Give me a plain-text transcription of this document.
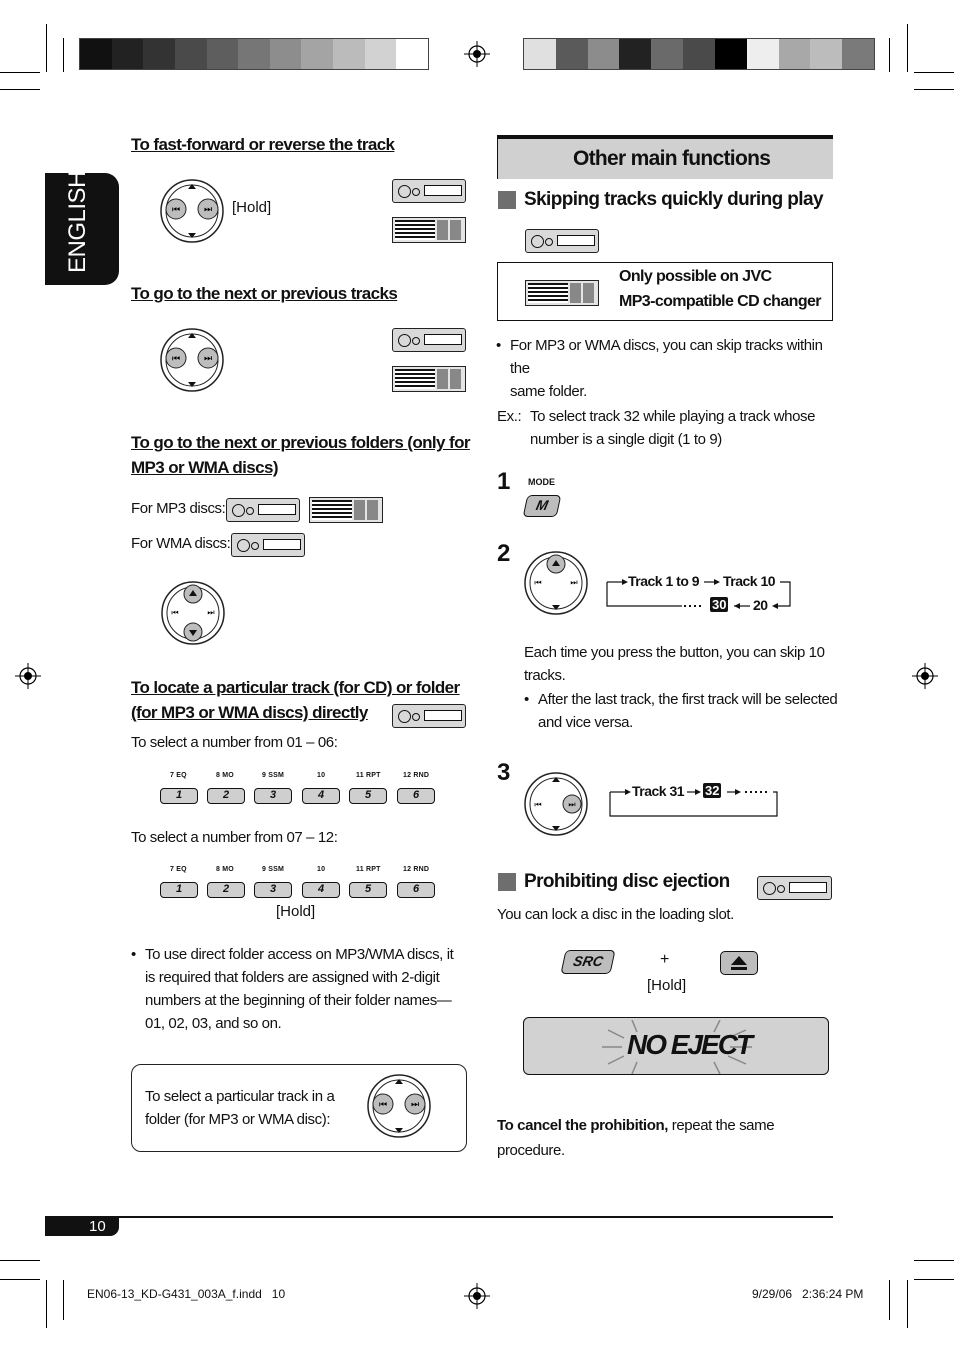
ENGLISH
To fast-forward or reverse the track
⏮	⏭ [Hold]
To go to the next or previous tracks
⏮	⏭
To go to the next or previous folders (only for
MP3 or WMA discs)
For MP3 discs:
For WMA discs:
⏮	⏭
To locate a particular track (for CD) or folder
(for MP3 or WMA discs) directly
To select a number from 01 – 06:
7 EQ	8 MO	9 SSM	10	11 RPT	12 RND
1	2	3	4	5	6
To select a number from 07 – 12:
7 EQ	8 MO	9 SSM	10	11 RPT	12 RND
1	2	3	4	5	6
[Hold]
• To use direct folder access on MP3/WMA discs, it
is required that folders are assigned with 2-digit
numbers at the beginning of their folder names—
01, 02, 03, and so on.
To select a particular track in a
folder (for MP3 or WMA disc):
⏮	⏭
Other main functions
Skipping tracks quickly during play
Only possible on JVC
MP3-compatible CD changer
• For MP3 or WMA discs, you can skip tracks within the
same folder.
Ex.: To select track 32 while playing a track whose
number is a single digit (1 to 9)
1 MODE
M
2
⏮	⏭	Track 1 to 9 Track 10
30 20
Each time you press the button, you can skip 10
tracks.
• After the last track, the first track will be selected
and vice versa.
3
⏮	⏭
Track 31 32
Prohibiting disc ejection
You can lock a disc in the loading slot.
SRC	+
[Hold]
NO EJECT
To cancel the prohibition, repeat the same
procedure.
10
EN06-13_KD-G431_003A_f.indd   10	9/29/06   2:36:24 PM
